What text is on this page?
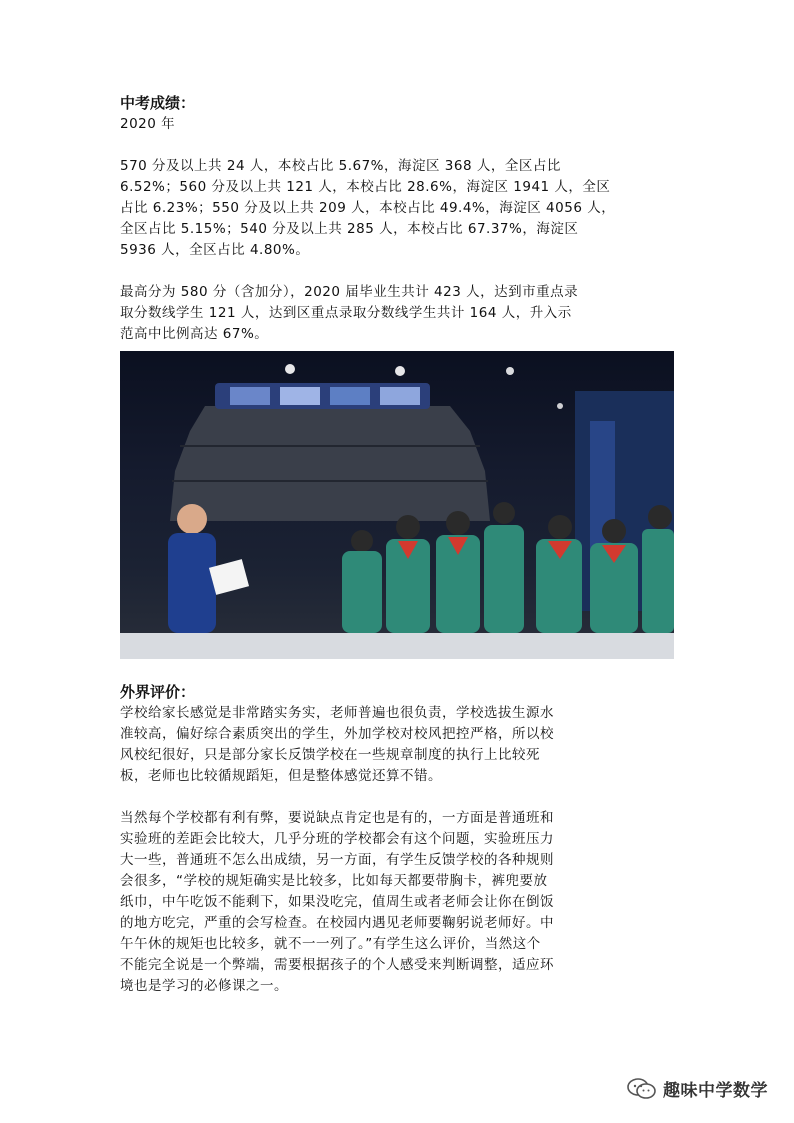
中考成绩：

2020 年

570 分及以上共 24 人，本校占比 5.67%，海淀区 368 人，全区占比

6.52%；560 分及以上共 121 人，本校占比 28.6%，海淀区 1941 人，全区

占比 6.23%；550 分及以上共 209 人，本校占比 49.4%，海淀区 4056 人，

全区占比 5.15%；540 分及以上共 285 人，本校占比 67.37%，海淀区

5936 人，全区占比 4.80%。

最高分为 580 分（含加分），2020 届毕业生共计 423 人，达到市重点录

取分数线学生 121 人，达到区重点录取分数线学生共计 164 人，升入示

范高中比例高达 67%。

外界评价：

学校给家长感觉是非常踏实务实，老师普遍也很负责，学校选拔生源水

准较高，偏好综合素质突出的学生，外加学校对校风把控严格，所以校

风校纪很好，只是部分家长反馈学校在一些规章制度的执行上比较死

板，老师也比较循规蹈矩，但是整体感觉还算不错。

当然每个学校都有利有弊，要说缺点肯定也是有的，一方面是普通班和

实验班的差距会比较大，几乎分班的学校都会有这个问题，实验班压力

大一些，普通班不怎么出成绩，另一方面，有学生反馈学校的各种规则

会很多，“学校的规矩确实是比较多，比如每天都要带胸卡，裤兜要放

纸巾，中午吃饭不能剩下，如果没吃完，值周生或者老师会让你在倒饭

的地方吃完，严重的会写检查。在校园内遇见老师要鞠躬说老师好。中

午午休的规矩也比较多，就不一一列了。”有学生这么评价，当然这个

不能完全说是一个弊端，需要根据孩子的个人感受来判断调整，适应环

境也是学习的必修课之一。

趣味中学数学
